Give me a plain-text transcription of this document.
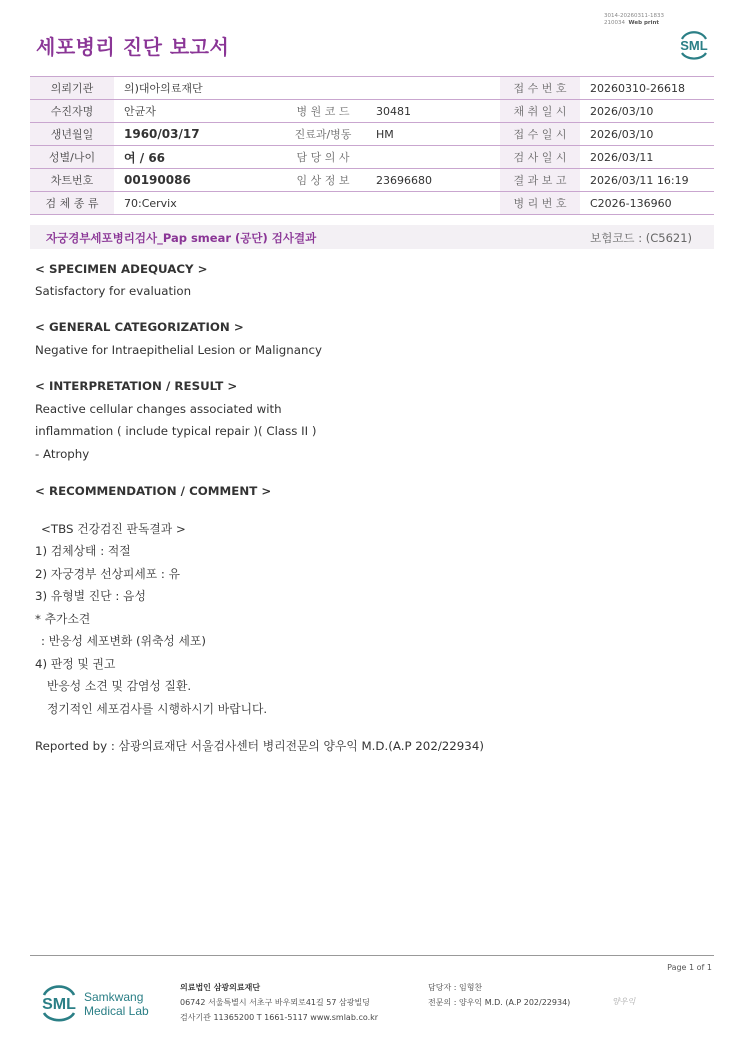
3014-20260311-1833
210034 Web print
세포병리 진단 보고서	SML
의뢰기관	의)대아의료재단			접 수 번 호	20260310-26618
수진자명	안균자	병 원 코 드	30481	채 취 일 시	2026/03/10
생년월일	1960/03/17	진료과/병동	HM	접 수 일 시	2026/03/10
성별/나이	여 / 66	담 당 의 사		검 사 일 시	2026/03/11
차트번호	00190086	임 상 정 보	23696680	결 과 보 고	2026/03/11 16:19
검 체 종 류	70:Cervix			병 리 번 호	C2026-136960
자궁경부세포병리검사_Pap smear (공단) 검사결과	보험코드 : (C5621)
< SPECIMEN ADEQUACY >
Satisfactory for evaluation
< GENERAL CATEGORIZATION >
Negative for Intraepithelial Lesion or Malignancy
< INTERPRETATION / RESULT >
Reactive cellular changes associated with
inflammation ( include typical repair )( Class II )
- Atrophy
< RECOMMENDATION / COMMENT >
<TBS 건강검진 판독결과 >
1) 검체상태 : 적절
2) 자궁경부 선상피세포 : 유
3) 유형별 진단 : 음성
* 추가소견
: 반응성 세포변화 (위축성 세포)
4) 판정 및 권고
반응성 소견 및 감염성 질환.
정기적인 세포검사를 시행하시기 바랍니다.
Reported by : 삼광의료재단 서울검사센터 병리전문의 양우익 M.D.(A.P 202/22934)
Page 1 of 1
SML Samkwang
Medical Lab
의료법인 삼광의료재단
06742 서울특별시 서초구 바우뫼로41길 57 삼광빌딩
검사기관 11365200 T 1661-5117 www.smlab.co.kr
담당자 : 임형찬
전문의 : 양우익 M.D. (A.P 202/22934)	양우익
